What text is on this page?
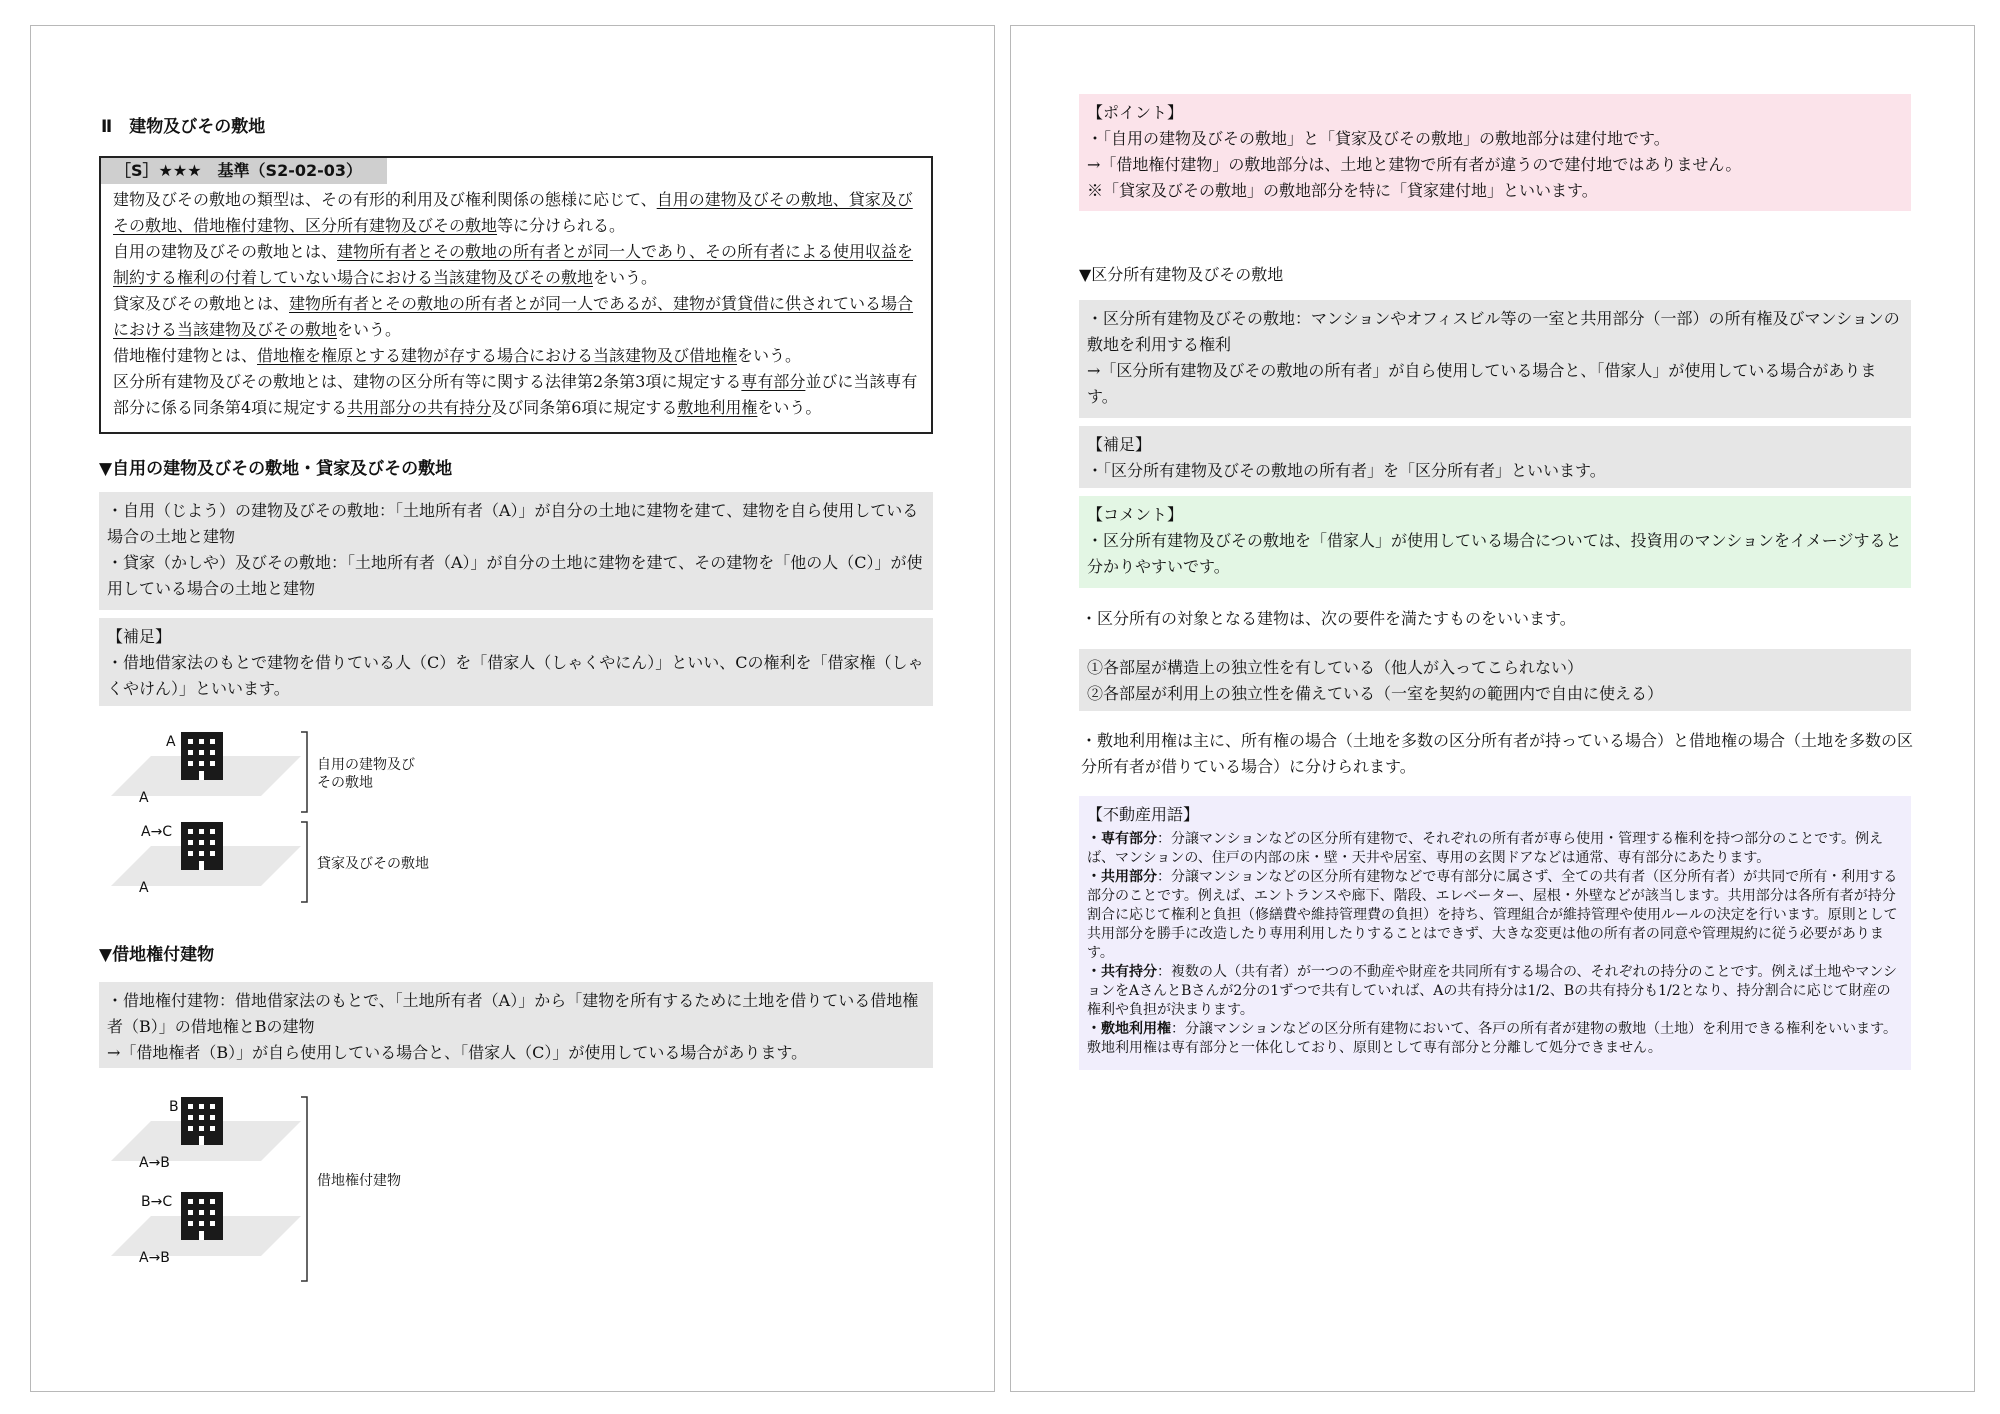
Ⅱ　建物及びその敷地
［S］★★★　基準（S2-02-03）

建物及びその敷地の類型は、その有形的利用及び権利関係の態様に応じて、自用の建物及びその敷地、貸家及びその敷地、借地権付建物、区分所有建物及びその敷地等に分けられる。

自用の建物及びその敷地とは、建物所有者とその敷地の所有者とが同一人であり、その所有者による使用収益を制約する権利の付着していない場合における当該建物及びその敷地をいう。

貸家及びその敷地とは、建物所有者とその敷地の所有者とが同一人であるが、建物が賃貸借に供されている場合における当該建物及びその敷地をいう。

借地権付建物とは、借地権を権原とする建物が存する場合における当該建物及び借地権をいう。

区分所有建物及びその敷地とは、建物の区分所有等に関する法律第2条第3項に規定する専有部分並びに当該専有部分に係る同条第4項に規定する共用部分の共有持分及び同条第6項に規定する敷地利用権をいう。

▼自用の建物及びその敷地・貸家及びその敷地

・自用（じよう）の建物及びその敷地：「土地所有者（A）」が自分の土地に建物を建て、建物を自ら使用している場合の土地と建物

・貸家（かしや）及びその敷地：「土地所有者（A）」が自分の土地に建物を建て、その建物を「他の人（C）」が使用している場合の土地と建物

【補足】

・借地借家法のもとで建物を借りている人（C）を「借家人（しゃくやにん）」といい、Cの権利を「借家権（しゃくやけん）」といいます。

A
A
自用の建物及び
その敷地
A→C
A
貸家及びその敷地
▼借地権付建物

・借地権付建物：借地借家法のもとで、「土地所有者（A）」から「建物を所有するために土地を借りている借地権者（B）」の借地権とBの建物

→「借地権者（B）」が自ら使用している場合と、「借家人（C）」が使用している場合があります。

B
A→B
B→C
A→B
借地権付建物

【ポイント】

・「自用の建物及びその敷地」と「貸家及びその敷地」の敷地部分は建付地です。

→「借地権付建物」の敷地部分は、土地と建物で所有者が違うので建付地ではありません。

※「貸家及びその敷地」の敷地部分を特に「貸家建付地」といいます。

▼区分所有建物及びその敷地

・区分所有建物及びその敷地：マンションやオフィスビル等の一室と共用部分（一部）の所有権及びマンションの敷地を利用する権利

→「区分所有建物及びその敷地の所有者」が自ら使用している場合と、「借家人」が使用している場合があります。

【補足】

・「区分所有建物及びその敷地の所有者」を「区分所有者」といいます。

【コメント】

・区分所有建物及びその敷地を「借家人」が使用している場合については、投資用のマンションをイメージすると分かりやすいです。

・区分所有の対象となる建物は、次の要件を満たすものをいいます。

①各部屋が構造上の独立性を有している（他人が入ってこられない）

②各部屋が利用上の独立性を備えている（一室を契約の範囲内で自由に使える）

・敷地利用権は主に、所有権の場合（土地を多数の区分所有者が持っている場合）と借地権の場合（土地を多数の区分所有者が借りている場合）に分けられます。

【不動産用語】

・専有部分：分譲マンションなどの区分所有建物で、それぞれの所有者が専ら使用・管理する権利を持つ部分のことです。例えば、マンションの、住戸の内部の床・壁・天井や居室、専用の玄関ドアなどは通常、専有部分にあたります。

・共用部分：分譲マンションなどの区分所有建物などで専有部分に属さず、全ての共有者（区分所有者）が共同で所有・利用する部分のことです。例えば、エントランスや廊下、階段、エレベーター、屋根・外壁などが該当します。共用部分は各所有者が持分割合に応じて権利と負担（修繕費や維持管理費の負担）を持ち、管理組合が維持管理や使用ルールの決定を行います。原則として共用部分を勝手に改造したり専用利用したりすることはできず、大きな変更は他の所有者の同意や管理規約に従う必要があります。

・共有持分：複数の人（共有者）が一つの不動産や財産を共同所有する場合の、それぞれの持分のことです。例えば土地やマンションをAさんとBさんが2分の1ずつで共有していれば、Aの共有持分は1/2、Bの共有持分も1/2となり、持分割合に応じて財産の権利や負担が決まります。

・敷地利用権：分譲マンションなどの区分所有建物において、各戸の所有者が建物の敷地（土地）を利用できる権利をいいます。敷地利用権は専有部分と一体化しており、原則として専有部分と分離して処分できません。
